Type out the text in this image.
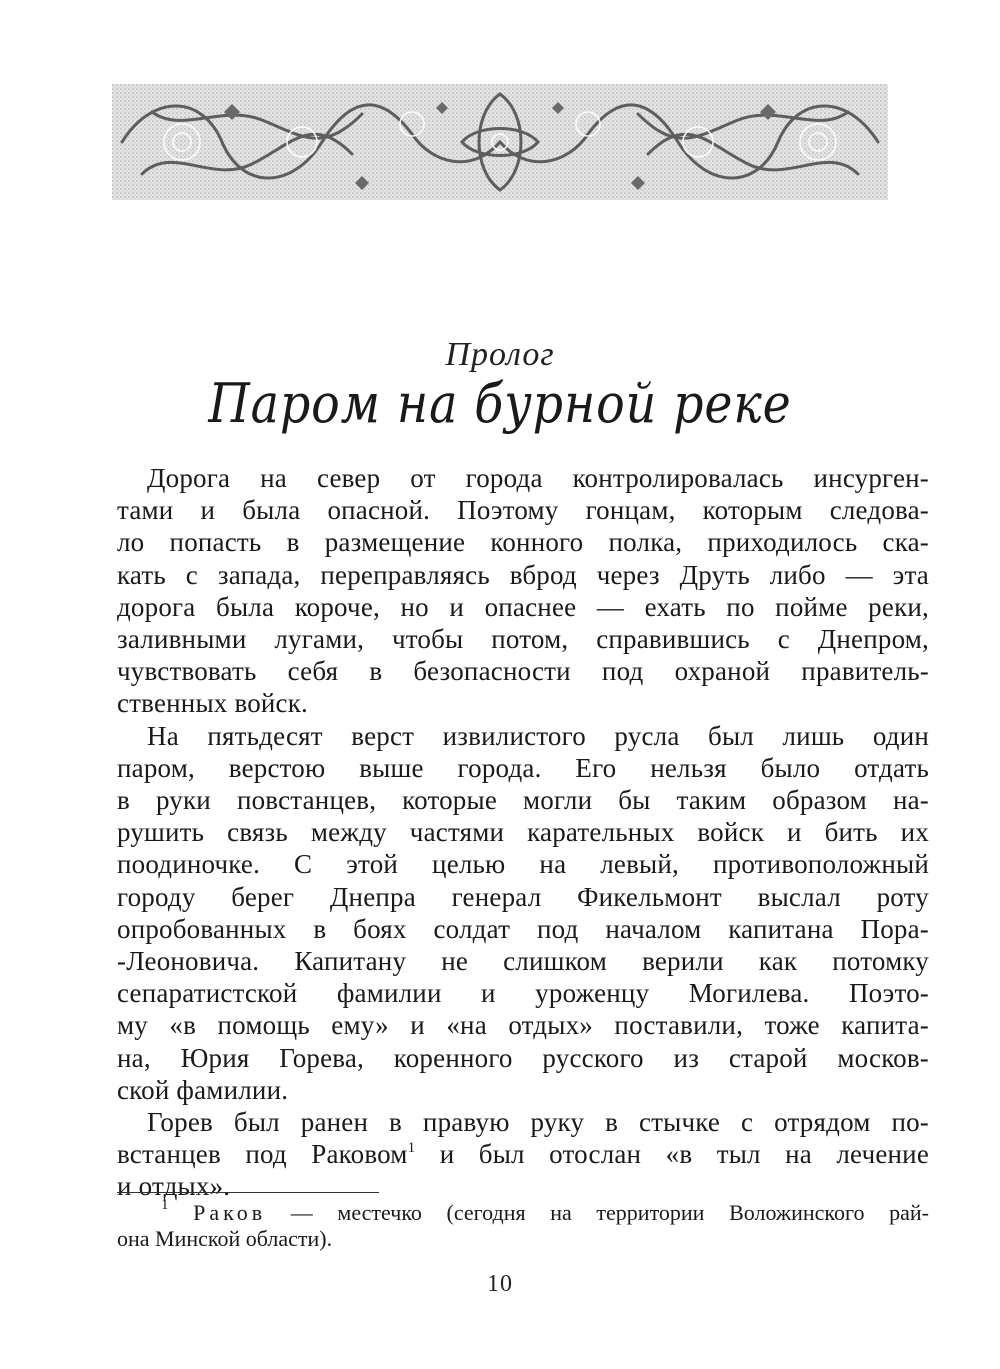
Пролог
Паром на бурной реке
Дорога на север от города контролировалась инсурген-
тами и была опасной. Поэтому гонцам, которым следова-
ло попасть в размещение конного полка, приходилось ска-
кать с запада, переправляясь вброд через Друть либо — эта
дорога была короче, но и опаснее — ехать по пойме реки,
заливными лугами, чтобы потом, справившись с Днепром,
чувствовать себя в безопасности под охраной правитель-
ственных войск.
На пятьдесят верст извилистого русла был лишь один
паром, верстою выше города. Его нельзя было отдать
в руки повстанцев, которые могли бы таким образом на-
рушить связь между частями карательных войск и бить их
поодиночке. С этой целью на левый, противоположный
городу берег Днепра генерал Фикельмонт выслал роту
опробованных в боях солдат под началом капитана Пора-
-Леоновича. Капитану не слишком верили как потомку
сепаратистской фамилии и уроженцу Могилева. Поэто-
му «в помощь ему» и «на отдых» поставили, тоже капита-
на, Юрия Горева, коренного русского из старой москов-
ской фамилии.
Горев был ранен в правую руку в стычке с отрядом по-
встанцев под Раковом$^1$ и был отослан «в тыл на лечение
и отдых».
$^1$ Раков — местечко (сегодня на территории Воложинского рай-
она Минской области).
10
